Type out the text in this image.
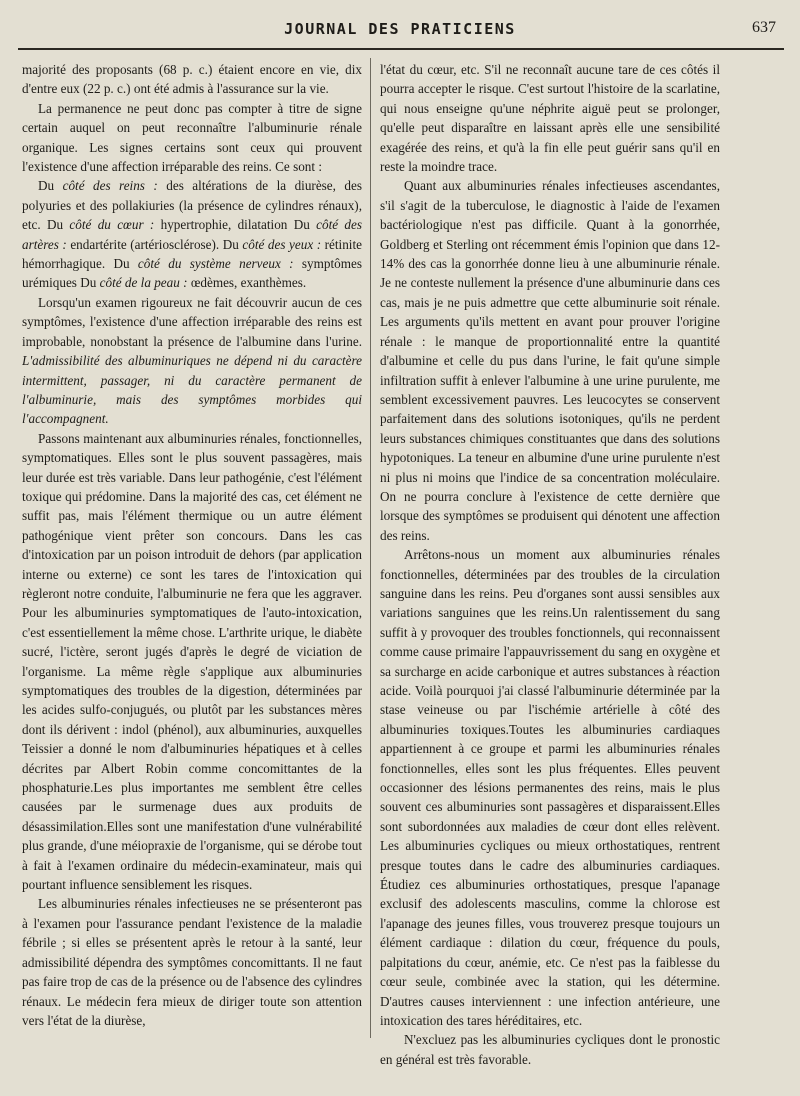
JOURNAL DES PRATICIENS	637

majorité des proposants (68 p. c.) étaient encore en vie, dix d'entre eux (22 p. c.) ont été admis à l'assurance sur la vie.

La permanence ne peut donc pas compter à titre de signe certain auquel on peut reconnaître l'albuminurie rénale organique. Les signes certains sont ceux qui prouvent l'existence d'une affection irréparable des reins. Ce sont :

Du côté des reins : des altérations de la diurèse, des polyuries et des pollakiuries (la présence de cylindres rénaux), etc. Du côté du cœur : hypertrophie, dilatation Du côté des artères : endartérite (artériosclérose). Du côté des yeux : rétinite hémorrhagique. Du côté du système nerveux : symptômes urémiques Du côté de la peau : œdèmes, exanthèmes.

Lorsqu'un examen rigoureux ne fait découvrir aucun de ces symptômes, l'existence d'une affection irréparable des reins est improbable, nonobstant la présence de l'albumine dans l'urine. L'admissibilité des albuminuriques ne dépend ni du caractère intermittent, passager, ni du caractère permanent de l'albuminurie, mais des symptômes morbides qui l'accompagnent.

Passons maintenant aux albuminuries rénales, fonctionnelles, symptomatiques. Elles sont le plus souvent passagères, mais leur durée est très variable. Dans leur pathogénie, c'est l'élément toxique qui prédomine. Dans la majorité des cas, cet élément ne suffit pas, mais l'élément thermique ou un autre élément pathogénique vient prêter son concours. Dans les cas d'intoxication par un poison introduit de dehors (par application interne ou externe) ce sont les tares de l'intoxication qui règleront notre conduite, l'albuminurie ne fera que les aggraver. Pour les albuminuries symptomatiques de l'auto-intoxication, c'est essentiellement la même chose. L'arthrite urique, le diabète sucré, l'ictère, seront jugés d'après le degré de viciation de l'organisme. La même règle s'applique aux albuminuries symptomatiques des troubles de la digestion, déterminées par les acides sulfo-conjugués, ou plutôt par les substances mères dont ils dérivent : indol (phénol), aux albuminuries, auxquelles Teissier a donné le nom d'albuminuries hépatiques et à celles décrites par Albert Robin comme concomittantes de la phosphaturie.Les plus importantes me semblent être celles causées par le surmenage dues aux produits de désassimilation.Elles sont une manifestation d'une vulnérabilité plus grande, d'une méiopraxie de l'organisme, qui se dérobe tout à fait à l'examen ordinaire du médecin-examinateur, mais qui pourtant influence sensiblement les risques.

Les albuminuries rénales infectieuses ne se présenteront pas à l'examen pour l'assurance pendant l'existence de la maladie fébrile ; si elles se présentent après le retour à la santé, leur admissibilité dépendra des symptômes concomittants. Il ne faut pas faire trop de cas de la présence ou de l'absence des cylindres rénaux. Le médecin fera mieux de diriger toute son attention vers l'état de la diurèse,

l'état du cœur, etc. S'il ne reconnaît aucune tare de ces côtés il pourra accepter le risque. C'est surtout l'histoire de la scarlatine, qui nous enseigne qu'une néphrite aiguë peut se prolonger, qu'elle peut disparaître en laissant après elle une sensibilité exagérée des reins, et qu'à la fin elle peut guérir sans qu'il en reste la moindre trace.

Quant aux albuminuries rénales infectieuses ascendantes, s'il s'agit de la tuberculose, le diagnostic à l'aide de l'examen bactériologique n'est pas difficile. Quant à la gonorrhée, Goldberg et Sterling ont récemment émis l'opinion que dans 12-14% des cas la gonorrhée donne lieu à une albuminurie rénale. Je ne conteste nullement la présence d'une albuminurie dans ces cas, mais je ne puis admettre que cette albuminurie soit rénale. Les arguments qu'ils mettent en avant pour prouver l'origine rénale : le manque de proportionnalité entre la quantité d'albumine et celle du pus dans l'urine, le fait qu'une simple infiltration suffit à enlever l'albumine à une urine purulente, me semblent excessivement pauvres. Les leucocytes se conservent parfaitement dans des solutions isotoniques, qu'ils ne perdent leurs substances chimiques constituantes que dans des solutions hypotoniques. La teneur en albumine d'une urine purulente n'est ni plus ni moins que l'indice de sa concentration moléculaire. On ne pourra conclure à l'existence de cette dernière que lorsque des symptômes se produisent qui dénotent une affection des reins.

Arrêtons-nous un moment aux albuminuries rénales fonctionnelles, déterminées par des troubles de la circulation sanguine dans les reins. Peu d'organes sont aussi sensibles aux variations sanguines que les reins.Un ralentissement du sang suffit à y provoquer des troubles fonctionnels, qui reconnaissent comme cause primaire l'appauvrissement du sang en oxygène et sa surcharge en acide carbonique et autres substances à réaction acide. Voilà pourquoi j'ai classé l'albuminurie déterminée par la stase veineuse ou par l'ischémie artérielle à côté des albuminuries toxiques.Toutes les albuminuries cardiaques appartiennent à ce groupe et parmi les albuminuries rénales fonctionnelles, elles sont les plus fréquentes. Elles peuvent occasionner des lésions permanentes des reins, mais le plus souvent ces albuminuries sont passagères et disparaissent.Elles sont subordonnées aux maladies de cœur dont elles relèvent. Les albuminuries cycliques ou mieux orthostatiques, rentrent presque toutes dans le cadre des albuminuries cardiaques. Étudiez ces albuminuries orthostatiques, presque l'apanage exclusif des adolescents masculins, comme la chlorose est l'apanage des jeunes filles, vous trouverez presque toujours un élément cardiaque : dilation du cœur, fréquence du pouls, palpitations du cœur, anémie, etc. Ce n'est pas la faiblesse du cœur seule, combinée avec la station, qui les détermine. D'autres causes interviennent : une infection antérieure, une intoxication des tares héréditaires, etc.

N'excluez pas les albuminuries cycliques dont le pronostic en général est très favorable.
